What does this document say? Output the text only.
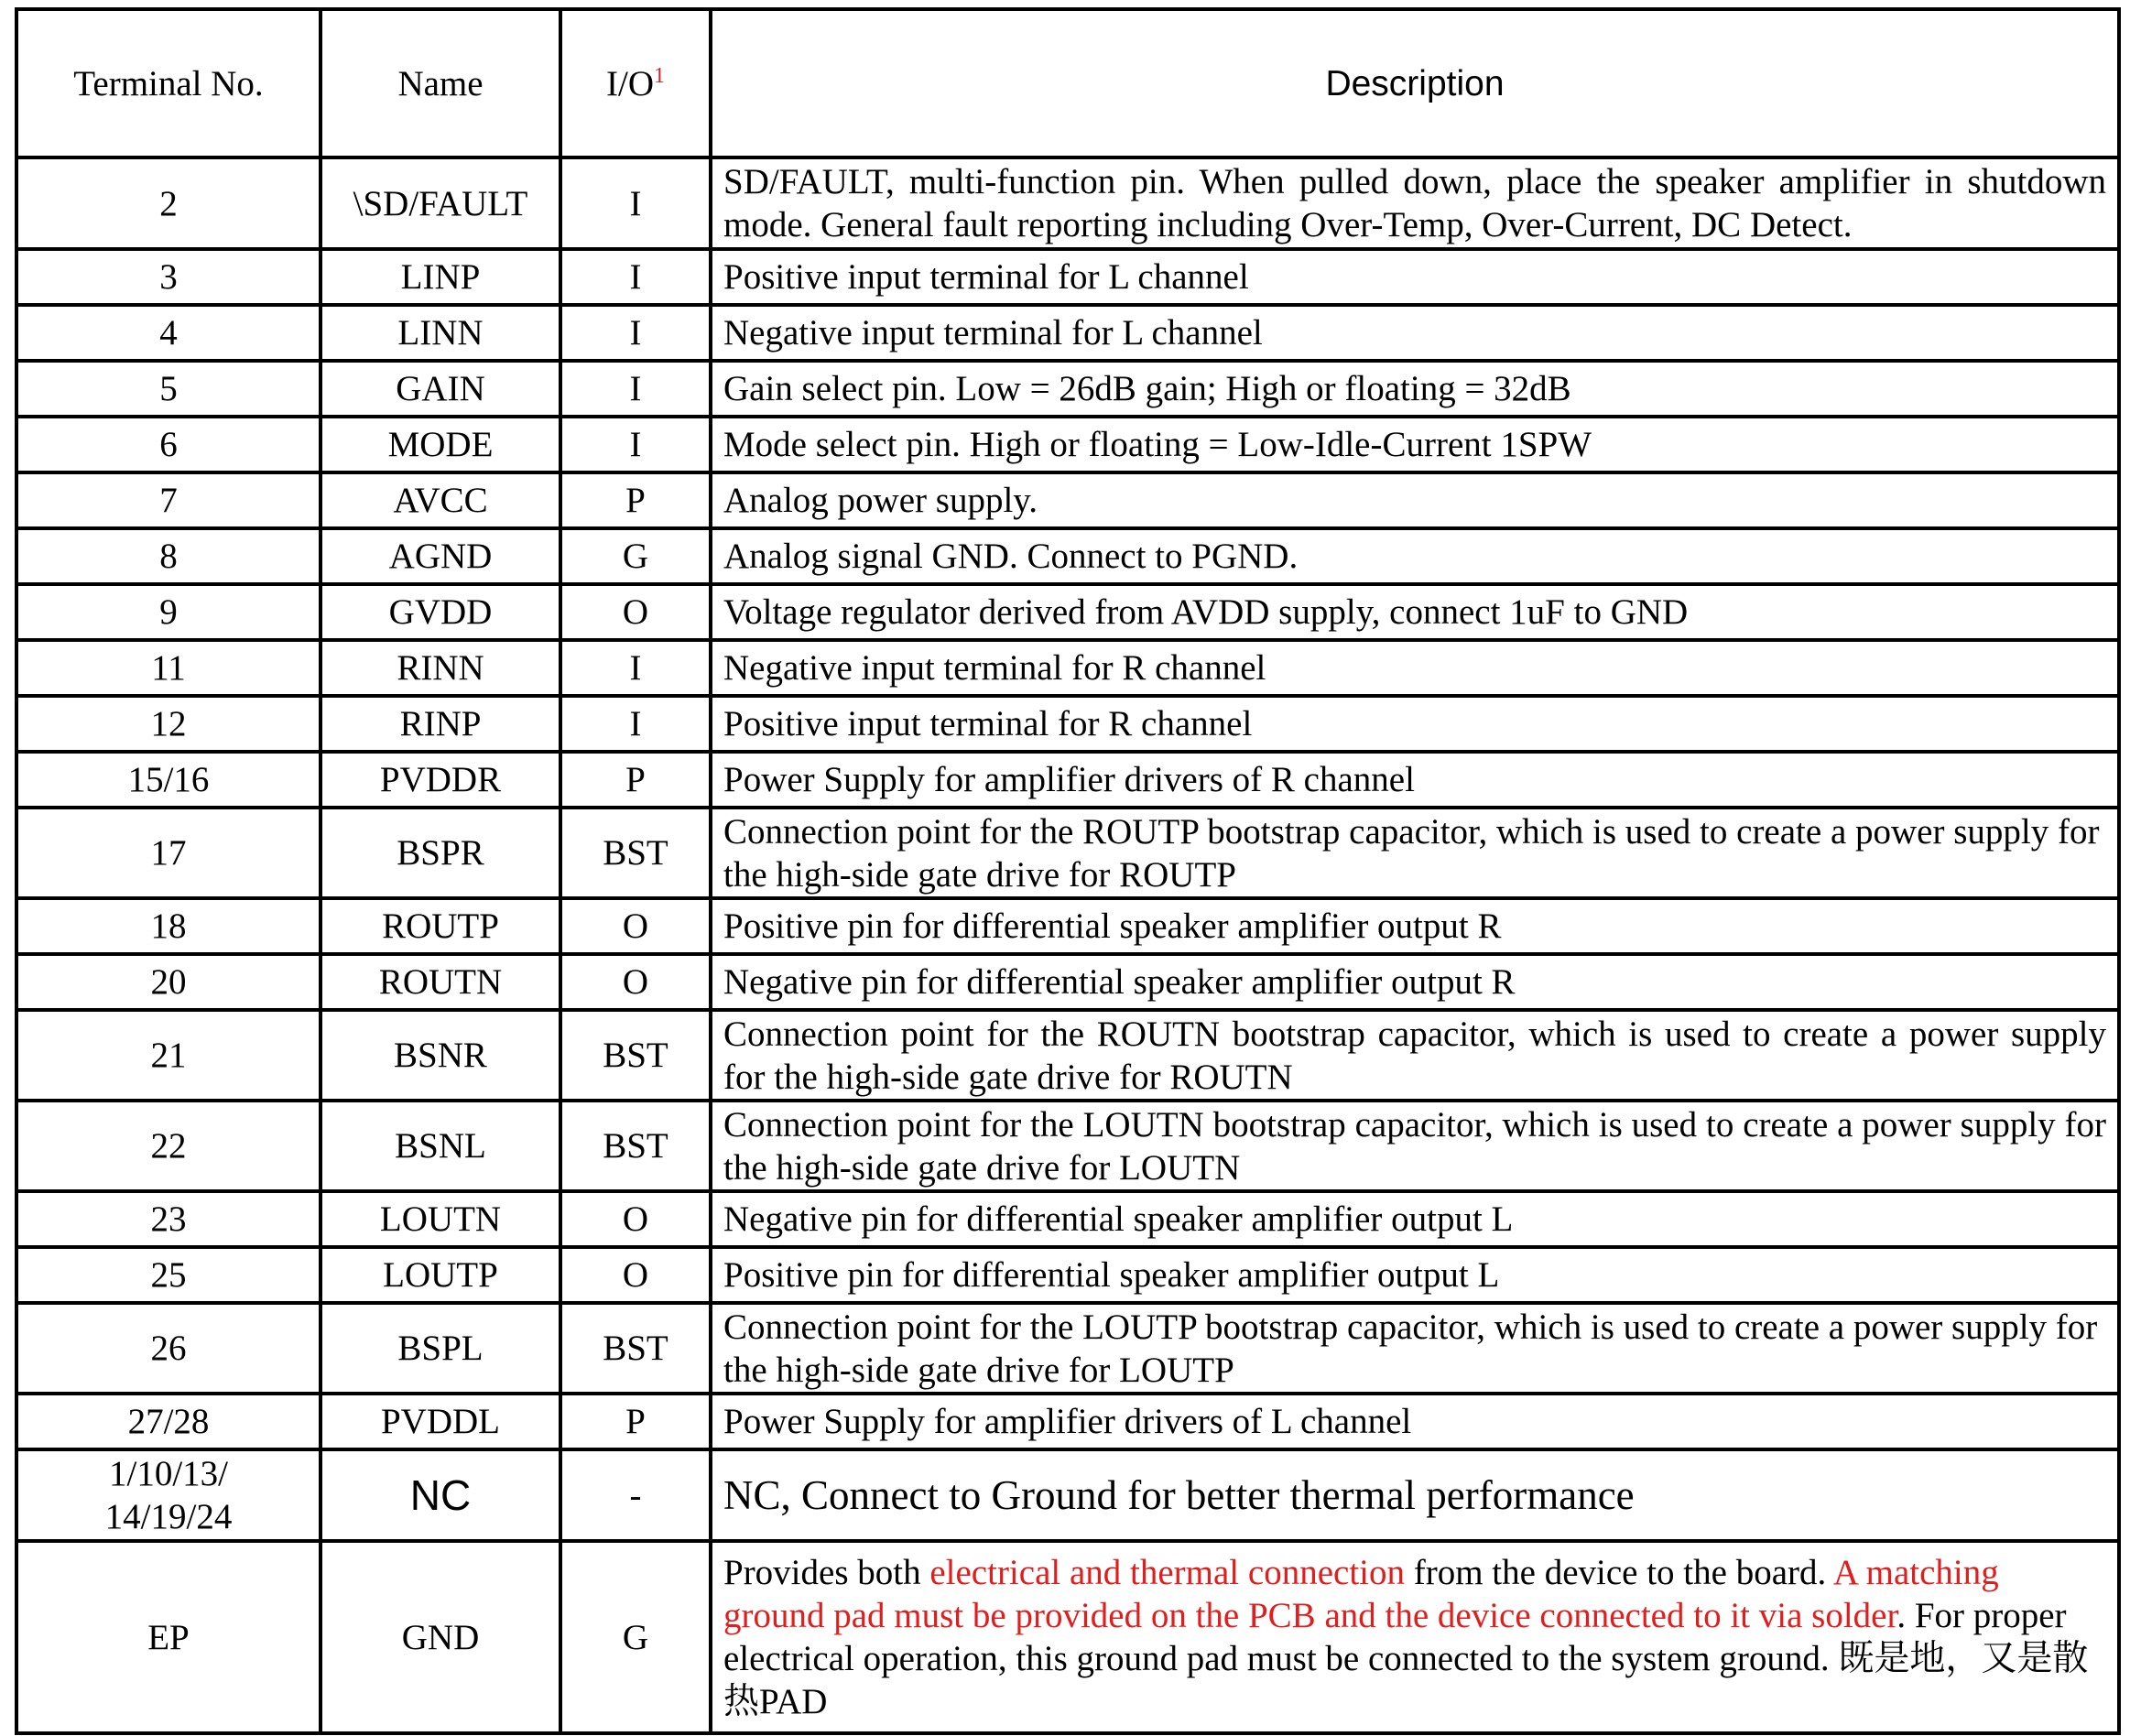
Terminal No.	Name	$I/O^1$	Description
2	\SD/FAULT	I	SD/FAULT, multi-function pin. When pulled down, place the speaker amplifier in shutdown mode. General fault reporting including Over-Temp, Over-Current, DC Detect.
3	LINP	I	Positive input terminal for L channel
4	LINN	I	Negative input terminal for L channel
5	GAIN	I	Gain select pin. Low = 26dB gain; High or floating = 32dB
6	MODE	I	Mode select pin. High or floating = Low-Idle-Current 1SPW
7	AVCC	P	Analog power supply.
8	AGND	G	Analog signal GND. Connect to PGND.
9	GVDD	O	Voltage regulator derived from AVDD supply, connect 1uF to GND
11	RINN	I	Negative input terminal for R channel
12	RINP	I	Positive input terminal for R channel
15/16	PVDDR	P	Power Supply for amplifier drivers of R channel
17	BSPR	BST	Connection point for the ROUTP bootstrap capacitor, which is used to create a power supply for the high-side gate drive for ROUTP
18	ROUTP	O	Positive pin for differential speaker amplifier output R
20	ROUTN	O	Negative pin for differential speaker amplifier output R
21	BSNR	BST	Connection point for the ROUTN bootstrap capacitor, which is used to create a power supply for the high-side gate drive for ROUTN
22	BSNL	BST	Connection point for the LOUTN bootstrap capacitor, which is used to create a power supply for the high-side gate drive for LOUTN
23	LOUTN	O	Negative pin for differential speaker amplifier output L
25	LOUTP	O	Positive pin for differential speaker amplifier output L
26	BSPL	BST	Connection point for the LOUTP bootstrap capacitor, which is used to create a power supply for the high-side gate drive for LOUTP
27/28	PVDDL	P	Power Supply for amplifier drivers of L channel
1/10/13/
14/19/24	NC	-	NC, Connect to Ground for better thermal performance
EP	GND	G	Provides both electrical and thermal connection from the device to the board. A matching ground pad must be provided on the PCB and the device connected to it via solder. For proper electrical operation, this ground pad must be connected to the system ground. 既是地，又是散热PAD
